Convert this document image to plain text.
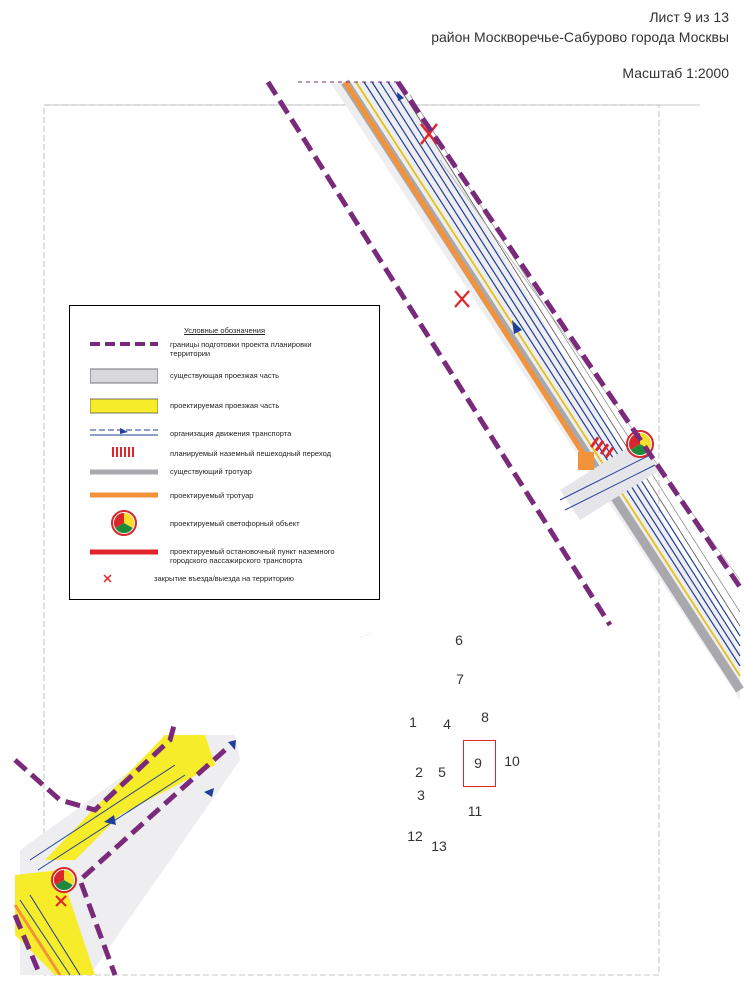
·····
Лист 9 из 13
район Москворечье-Сабурово города Москвы
Масштаб 1:2000
Условные обозначения
границы подготовки проекта планировки территории
существующая проезжая часть
проектируемая проезжая часть
организация движения транспорта
планируемый наземный пешеходный переход
существующий тротуар
проектируемый тротуар
проектируемый светофорный объект
проектируемый остановочный пункт наземного городского пассажирского транспорта
закрытие въезда/выезда на территорию
6
7
1	4	8
2	5
9	10
3
11
12
13
